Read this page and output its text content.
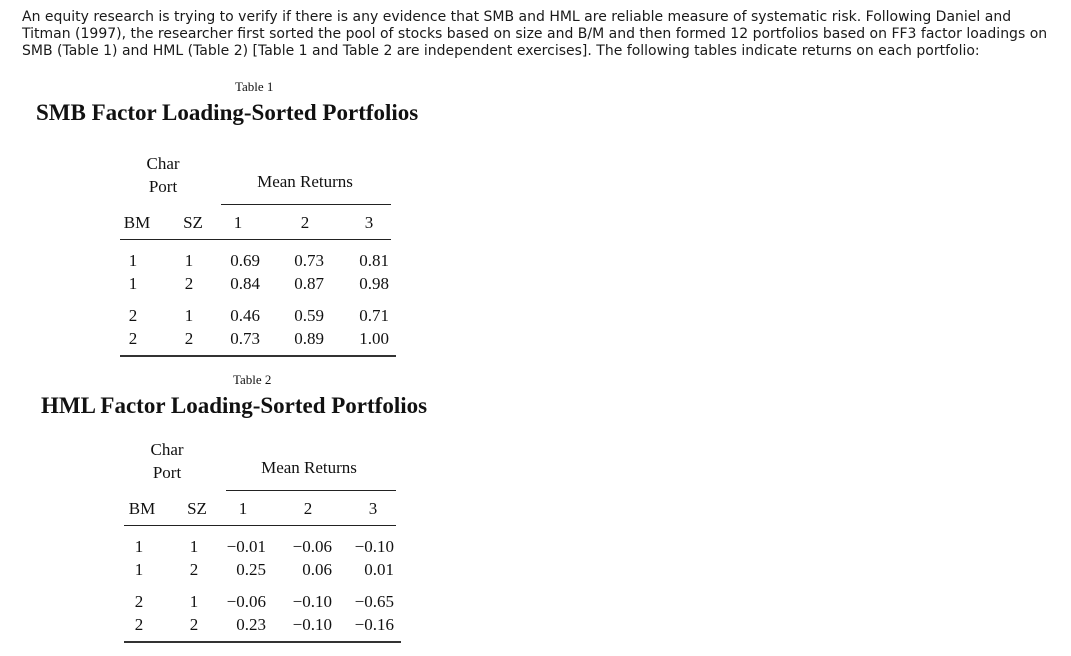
An equity research is trying to verify if there is any evidence that SMB and HML are reliable measure of systematic risk. Following Daniel and Titman (1997), the researcher first sorted the pool of stocks based on size and B/M and then formed 12 portfolios based on FF3 factor loadings on SMB (Table 1) and HML (Table 2) [Table 1 and Table 2 are independent exercises]. The following tables indicate returns on each portfolio:
Table 1
SMB Factor Loading-Sorted Portfolios
Char
Port	Mean Returns
BM SZ 1	2	3
1	1 0.69 0.73 0.81
1	2 0.84 0.87 0.98
2	1 0.46 0.59 0.71
2	2 0.73 0.89 1.00
Table 2
HML Factor Loading-Sorted Portfolios
Char
Port	Mean Returns
BM SZ 1	2	3
1	1 −0.01 −0.06 −0.10
1	2 0.25 0.06 0.01
2	1 −0.06 −0.10 −0.65
2	2 0.23 −0.10 −0.16
